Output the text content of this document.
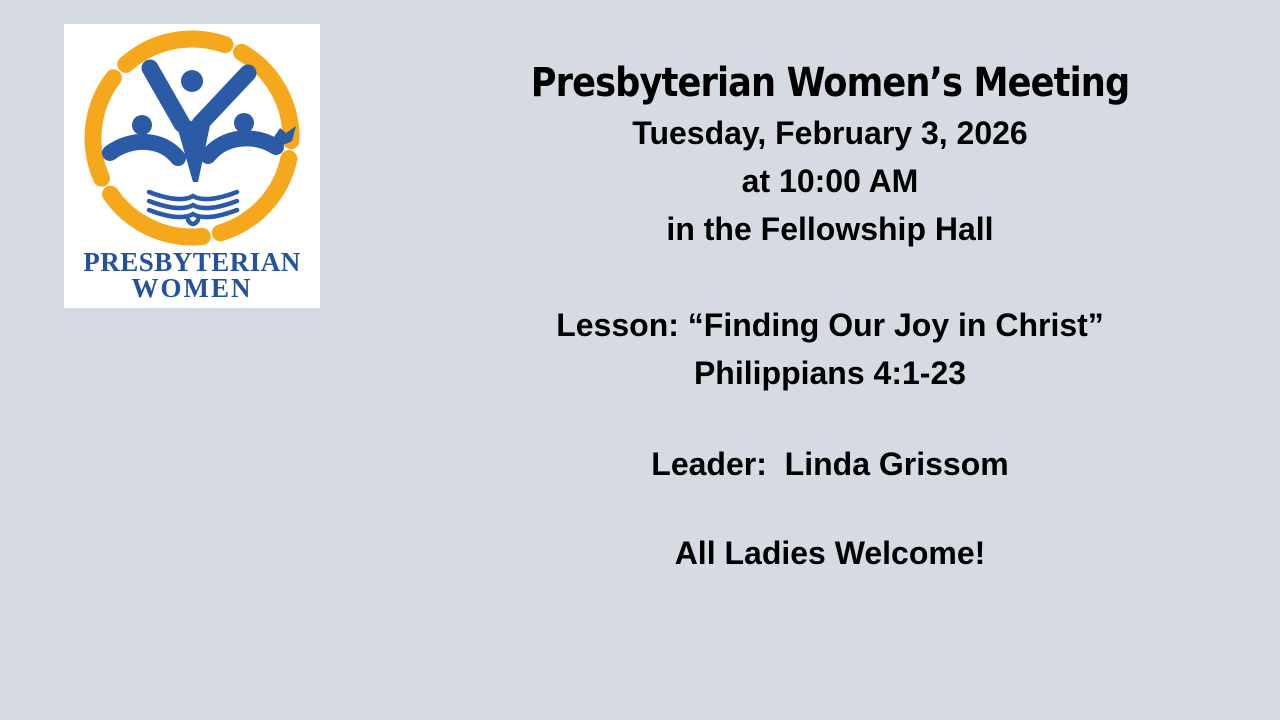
PRESBYTERIAN
WOMEN
Presbyterian Women’s Meeting

Tuesday, February 3, 2026

at 10:00 AM

in the Fellowship Hall

Lesson: “Finding Our Joy in Christ”

Philippians 4:1-23

Leader:  Linda Grissom

All Ladies Welcome!
